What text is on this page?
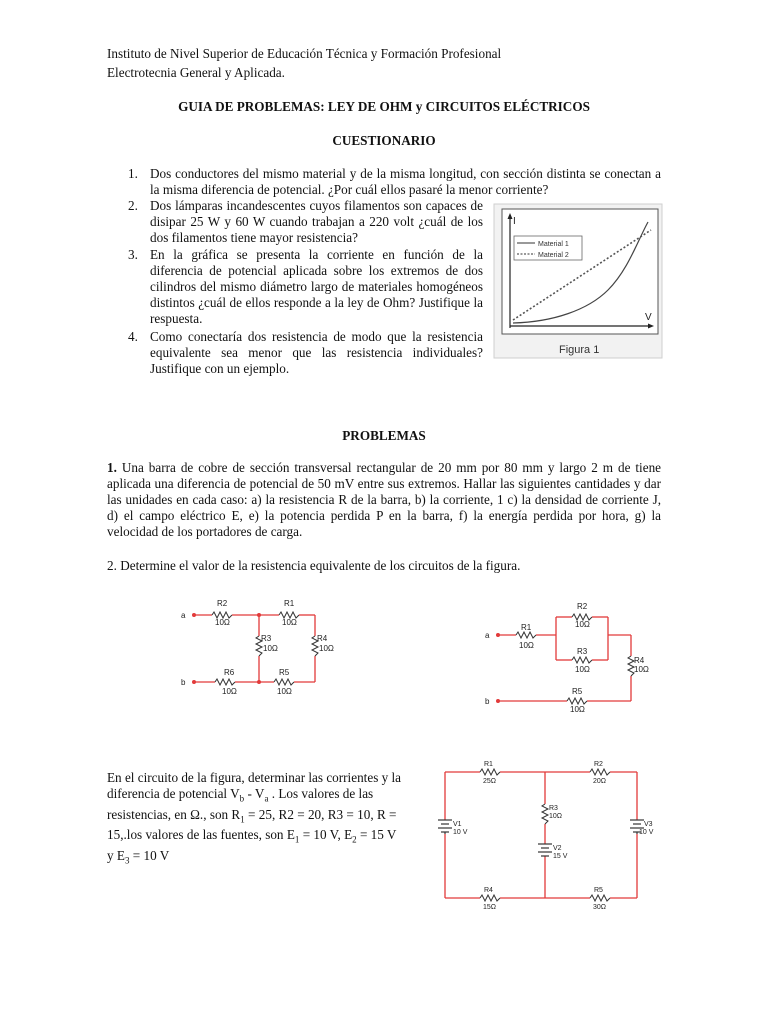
Instituto de Nivel Superior de Educación Técnica y Formación Profesional
Electrotecnia General y Aplicada.
GUIA DE PROBLEMAS: LEY DE OHM y CIRCUITOS ELÉCTRICOS
CUESTIONARIO
1. Dos conductores del mismo material y de la misma longitud, con sección distinta se conectan a la misma diferencia de potencial. ¿Por cuál ellos pasaré la menor corriente?
2. Dos lámparas incandescentes cuyos filamentos son capaces de disipar 25 W y 60 W cuando trabajan a 220 volt ¿cuál de los dos filamentos tiene mayor resistencia?
3. En la gráfica se presenta la corriente en función de la diferencia de potencial aplicada sobre los extremos de dos cilindros del mismo diámetro largo de materiales homogéneos distintos ¿cuál de ellos responde a la ley de Ohm? Justifique la respuesta.
4. Como conectaría dos resistencia de modo que la resistencia equivalente sea menor que las resistencia individuales? Justifique con un ejemplo.
I
V
Material 1
Material 2
Figura 1
PROBLEMAS
1. Una barra de cobre de sección transversal rectangular de 20 mm por 80 mm y largo 2 m de tiene aplicada una diferencia de potencial de 50 mV entre sus extremos. Hallar las siguientes cantidades y dar las unidades en cada caso: a) la resistencia R de la barra, b) la corriente, 1 c) la densidad de corriente J, d) el campo eléctrico E, e) la potencia perdida P en la barra, f) la energía perdida por hora, g) la velocidad de los portadores de carga.
2. Determine el valor de la resistencia equivalente de los circuitos de la figura.
a
b
R2
10Ω
R1
10Ω
R3
10Ω
R4
10Ω
R6
10Ω
R5
10Ω
a
b
R1
10Ω
R2
10Ω
R3
10Ω
R4
10Ω
R5
10Ω
En el circuito de la figura, determinar las corrientes y la
diferencia de potencial $V_b - V_a$ . Los valores de las
resistencias, en Ω., son $R_1 = 25$, R2 = 20, R3 = 10, R =
15,.los valores de las fuentes, son $E_1 = 10$ V, $E_2 = 15$ V
y $E_3 = 10$ V
R1
25Ω
R2
20Ω
R3
10Ω
R4
15Ω
R5
30Ω
V1
10 V
V2
15 V
V3
10 V
